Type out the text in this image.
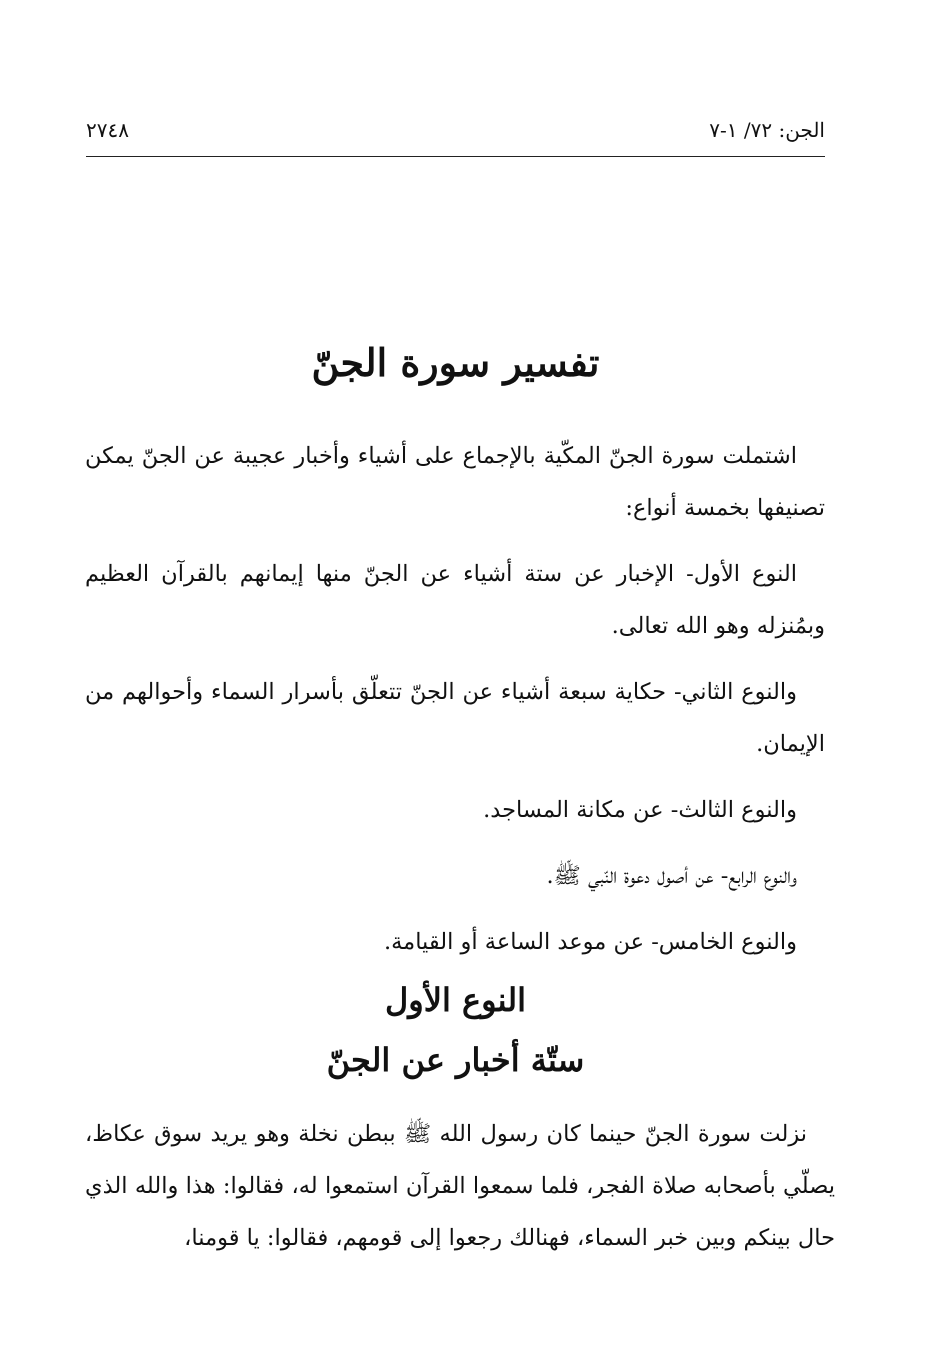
الجن: ٧٢/ ١-٧
٢٧٤٨
تفسير سورة الجنّ

اشتملت سورة الجنّ المكّية بالإجماع على أشياء وأخبار عجيبة عن الجنّ يمكن تصنيفها بخمسة أنواع:

النوع الأول- الإخبار عن ستة أشياء عن الجنّ منها إيمانهم بالقرآن العظيم وبمُنزله وهو الله تعالى.

والنوع الثاني- حكاية سبعة أشياء عن الجنّ تتعلّق بأسرار السماء وأحوالهم من الإيمان.

والنوع الثالث- عن مكانة المساجد.

والنوع الرابع- عن أصول دعوة النّبي ﷺ.

والنوع الخامس- عن موعد الساعة أو القيامة.

النوع الأول
ستّة أخبار عن الجنّ

نزلت سورة الجنّ حينما كان رسول الله ﷺ ببطن نخلة وهو يريد سوق عكاظ، يصلّي بأصحابه صلاة الفجر، فلما سمعوا القرآن استمعوا له، فقالوا: هذا والله الذي حال بينكم وبين خبر السماء، فهنالك رجعوا إلى قومهم، فقالوا: يا قومنا،
